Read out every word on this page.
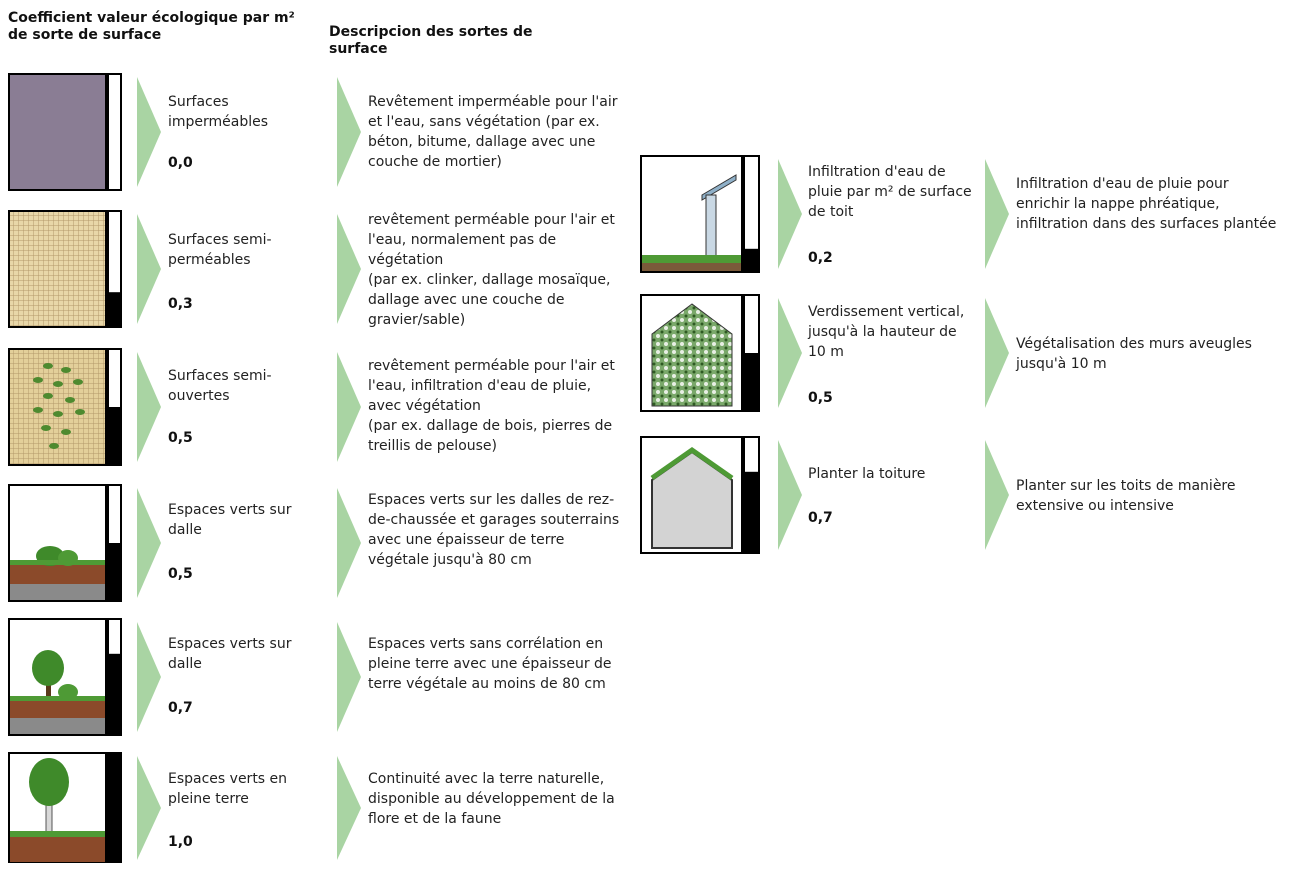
Coefficient valeur écologique par m² de sorte de surface	Descripcion des sortes de surface
Surfaces imperméables
0,0
Revêtement imperméable pour l'air et l'eau, sans végétation (par ex. béton, bitume, dallage avec une couche de mortier)
Surfaces semi-perméables
0,3
revêtement perméable pour l'air et l'eau, normalement pas de végétation
(par ex. clinker, dallage mosaïque, dallage avec une couche de gravier/sable)
Surfaces semi-ouvertes
0,5
revêtement perméable pour l'air et l'eau, infiltration d'eau de pluie, avec végétation
(par ex. dallage de bois, pierres de treillis de pelouse)
Espaces verts sur dalle
0,5
Espaces verts sur les dalles de rez-de-chaussée et garages souterrains avec une épaisseur de terre végétale jusqu'à 80 cm
Espaces verts sur dalle
0,7
Espaces verts sans corrélation en pleine terre avec une épaisseur de terre végétale au moins de 80 cm
Espaces verts en pleine terre
1,0
Continuité avec la terre naturelle, disponible au développement de la flore et de la faune
Infiltration d'eau de pluie par m² de surface de toit
0,2
Infiltration d'eau de pluie pour enrichir la nappe phréatique, infiltration dans des surfaces plantée
Verdissement vertical, jusqu'à la hauteur de 10 m
0,5
Végétalisation des murs aveugles jusqu'à 10 m
Planter la toiture
0,7
Planter sur les toits de manière extensive ou intensive
